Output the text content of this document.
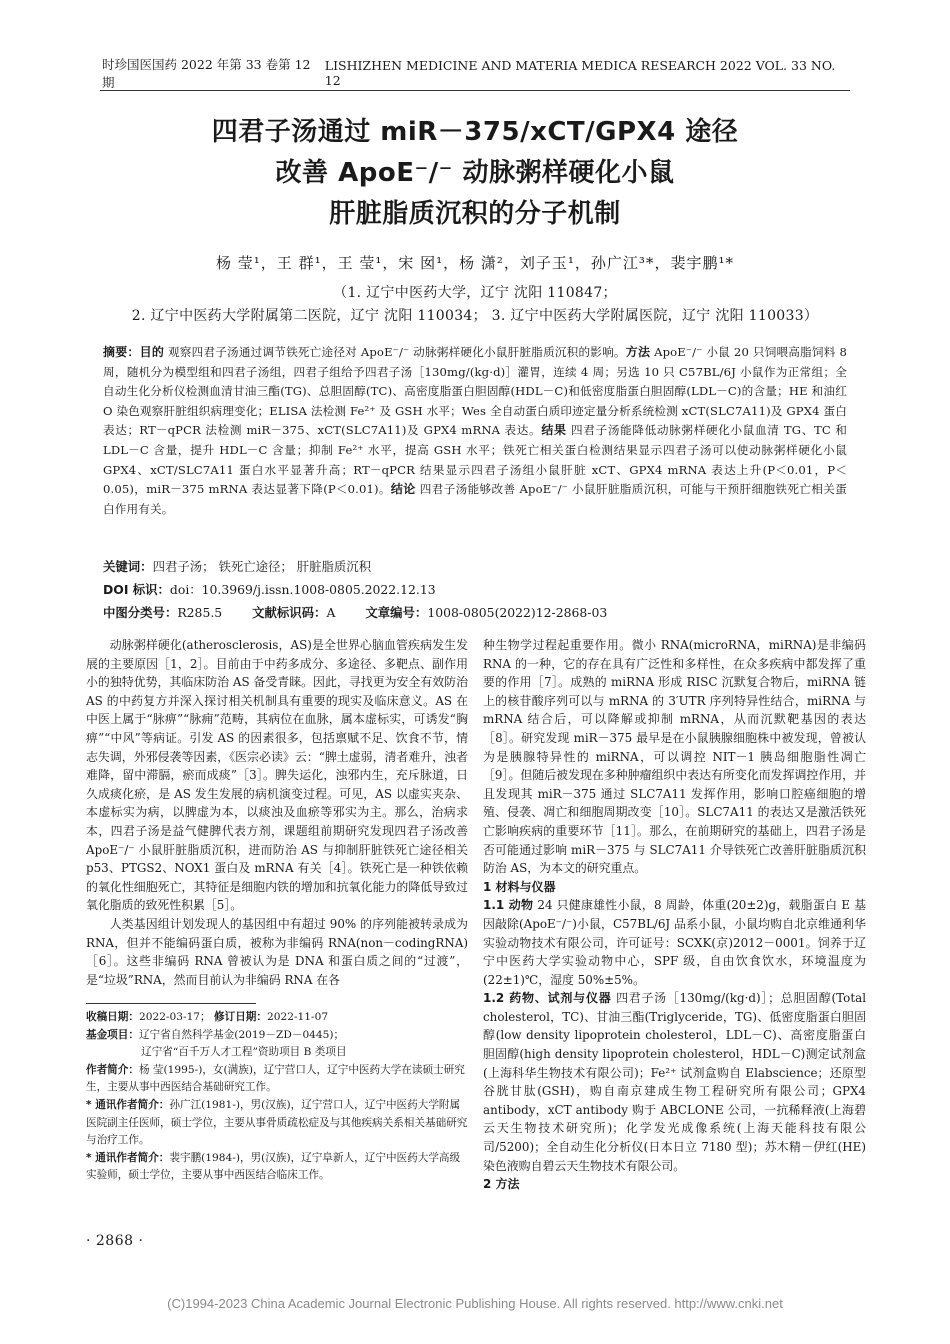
时珍国医国药 2022 年第 33 卷第 12 期
LISHIZHEN MEDICINE AND MATERIA MEDICA RESEARCH 2022 VOL. 33 NO. 12
四君子汤通过 miR－375/xCT/GPX4 途径
改善 ApoE⁻/⁻ 动脉粥样硬化小鼠
肝脏脂质沉积的分子机制
杨 莹¹，王 群¹，王 莹¹，宋 囡¹，杨 潇²，刘子玉¹，孙广江³*，裴宇鹏¹*
（1. 辽宁中医药大学，辽宁 沈阳 110847；
2. 辽宁中医药大学附属第二医院，辽宁 沈阳 110034； 3. 辽宁中医药大学附属医院，辽宁 沈阳 110033）
摘要：目的 观察四君子汤通过调节铁死亡途径对 ApoE⁻/⁻ 动脉粥样硬化小鼠肝脏脂质沉积的影响。方法 ApoE⁻/⁻ 小鼠 20 只饲喂高脂饲料 8 周，随机分为模型组和四君子汤组，四君子组给予四君子汤［130mg/(kg·d)］灌胃，连续 4 周；另选 10 只 C57BL/6J 小鼠作为正常组；全自动生化分析仪检测血清甘油三酯(TG)、总胆固醇(TC)、高密度脂蛋白胆固醇(HDL－C)和低密度脂蛋白胆固醇(LDL－C)的含量；HE 和油红 O 染色观察肝脏组织病理变化；ELISA 法检测 Fe²⁺ 及 GSH 水平；Wes 全自动蛋白质印迹定量分析系统检测 xCT(SLC7A11)及 GPX4 蛋白表达；RT－qPCR 法检测 miR－375、xCT(SLC7A11)及 GPX4 mRNA 表达。结果 四君子汤能降低动脉粥样硬化小鼠血清 TG、TC 和 LDL－C 含量，提升 HDL－C 含量；抑制 Fe²⁺ 水平，提高 GSH 水平；铁死亡相关蛋白检测结果显示四君子汤可以使动脉粥样硬化小鼠 GPX4、xCT/SLC7A11 蛋白水平显著升高；RT－qPCR 结果显示四君子汤组小鼠肝脏 xCT、GPX4 mRNA 表达上升(P＜0.01，P＜0.05)，miR－375 mRNA 表达显著下降(P＜0.01)。结论 四君子汤能够改善 ApoE⁻/⁻ 小鼠肝脏脂质沉积，可能与干预肝细胞铁死亡相关蛋白作用有关。
关键词：四君子汤； 铁死亡途径； 肝脏脂质沉积
DOI 标识：doi：10.3969/j.issn.1008-0805.2022.12.13
中图分类号：R285.5 文献标识码：A 文章编号：1008-0805(2022)12-2868-03

动脉粥样硬化(atherosclerosis，AS)是全世界心脑血管疾病发生发展的主要原因［1，2］。目前由于中药多成分、多途径、多靶点、副作用小的独特优势，其临床防治 AS 备受青睐。因此，寻找更为安全有效防治 AS 的中药复方并深入探讨相关机制具有重要的现实及临床意义。AS 在中医上属于“脉痹”“脉痈”范畴，其病位在血脉，属本虚标实，可诱发“胸痹”“中风”等病证。引发 AS 的因素很多，包括禀赋不足、饮食不节，情志失调，外邪侵袭等因素，《医宗必读》云：“脾土虚弱，清者难升，浊者难降，留中滞膈，瘀而成痰”［3］。脾失运化，浊邪内生，充斥脉道，日久成痰化瘀，是 AS 发生发展的病机演变过程。可见，AS 以虚实夹杂、本虚标实为病，以脾虚为本，以痰浊及血瘀等邪实为主。那么，治病求本，四君子汤是益气健脾代表方剂，课题组前期研究发现四君子汤改善 ApoE⁻/⁻ 小鼠肝脏脂质沉积，进而防治 AS 与抑制肝脏铁死亡途径相关 p53、PTGS2、NOX1 蛋白及 mRNA 有关［4］。铁死亡是一种铁依赖的氧化性细胞死亡，其特征是细胞内铁的增加和抗氧化能力的降低导致过氧化脂质的致死性积累［5］。

人类基因组计划发现人的基因组中有超过 90% 的序列能被转录成为 RNA，但并不能编码蛋白质，被称为非编码 RNA(non－codingRNA)［6］。这些非编码 RNA 曾被认为是 DNA 和蛋白质之间的“过渡”，是“垃圾”RNA，然而目前认为非编码 RNA 在各

种生物学过程起重要作用。微小 RNA(microRNA，miRNA)是非编码 RNA 的一种，它的存在具有广泛性和多样性，在众多疾病中都发挥了重要的作用［7］。成熟的 miRNA 形成 RISC 沉默复合物后，miRNA 链上的核苷酸序列可以与 mRNA 的 3′UTR 序列特异性结合，miRNA 与 mRNA 结合后，可以降解或抑制 mRNA，从而沉默靶基因的表达［8］。研究发现 miR－375 最早是在小鼠胰腺细胞株中被发现，曾被认为是胰腺特异性的 miRNA，可以调控 NIT－1 胰岛细胞脂性凋亡［9］。但随后被发现在多种肿瘤组织中表达有所变化而发挥调控作用，并且发现其 miR－375 通过 SLC7A11 发挥作用，影响口腔癌细胞的增殖、侵袭、凋亡和细胞周期改变［10］。SLC7A11 的表达又是激活铁死亡影响疾病的重要环节［11］。那么，在前期研究的基础上，四君子汤是否可能通过影响 miR－375 与 SLC7A11 介导铁死亡改善肝脏脂质沉积防治 AS，为本文的研究重点。

1 材料与仪器

1.1 动物 24 只健康雄性小鼠，8 周龄，体重(20±2)g，载脂蛋白 E 基因敲除(ApoE⁻/⁻)小鼠，C57BL/6J 品系小鼠，小鼠均购自北京维通利华实验动物技术有限公司，许可证号：SCXK(京)2012－0001。饲养于辽宁中医药大学实验动物中心，SPF 级，自由饮食饮水，环境温度为(22±1)℃，湿度 50%±5%。

1.2 药物、试剂与仪器 四君子汤［130mg/(kg·d)］；总胆固醇(Total cholesterol，TC)、甘油三酯(Triglyceride，TG)、低密度脂蛋白胆固醇(low density lipoprotein cholesterol，LDL－C)、高密度脂蛋白胆固醇(high density lipoprotein cholesterol，HDL－C)测定试剂盒(上海科华生物技术有限公司)；Fe²⁺ 试剂盒购自 Elabscience；还原型谷胱甘肽(GSH)，购自南京建成生物工程研究所有限公司；GPX4 antibody，xCT antibody 购于 ABCLONE 公司，一抗稀释液(上海碧云天生物技术研究所)；化学发光成像系统(上海天能科技有限公司/5200)；全自动生化分析仪(日本日立 7180 型)；苏木精－伊红(HE)染色液购自碧云天生物技术有限公司。

2 方法

收稿日期：2022-03-17； 修订日期：2022-11-07

基金项目：辽宁省自然科学基金(2019－ZD－0445)；

辽宁省“百千万人才工程”资助项目 B 类项目

作者简介：杨 莹(1995-)，女(满族)，辽宁营口人，辽宁中医药大学在读硕士研究生，主要从事中西医结合基础研究工作。

* 通讯作者简介：孙广江(1981-)，男(汉族)，辽宁营口人，辽宁中医药大学附属医院副主任医师，硕士学位，主要从事骨质疏松症及与其他疾病关系相关基础研究与治疗工作。

* 通讯作者简介：裴宇鹏(1984-)，男(汉族)，辽宁阜新人，辽宁中医药大学高级实验师，硕士学位，主要从事中西医结合临床工作。

· 2868 ·
(C)1994-2023 China Academic Journal Electronic Publishing House. All rights reserved. http://www.cnki.net
